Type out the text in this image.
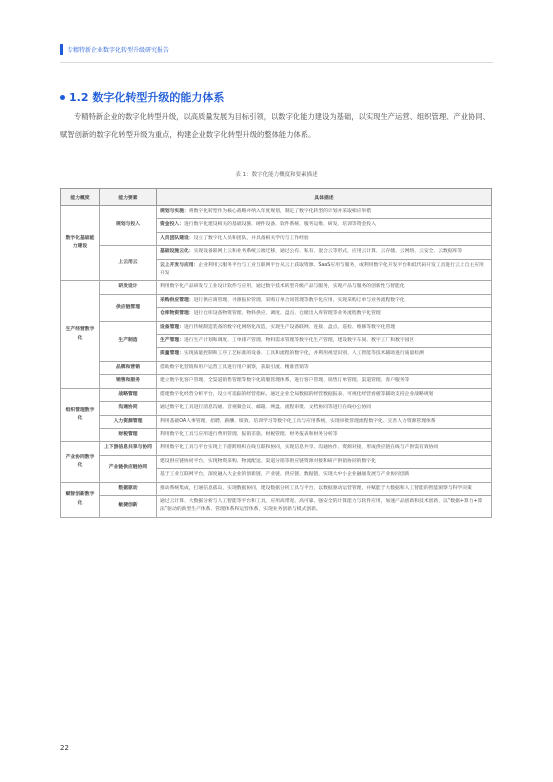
专精特新企业数字化转型升级研究报告
1.2 数字化转型升级的能力体系
专精特新企业的数字化转型升级，以高质量发展为目标引领，以数字化能力建设为基础，以实现生产运营、组织管理、产业协同、赋智创新的数字化转型升级为重点，构建企业数字化转型升级的整体能力体系。
表 1：数字化能力概度和要素描述
能力概度	能力要素	具体描述
数字化基础能力建设	规划与投入	规划与实施：将数字化转型作为核心战略并纳入年度规划，制定了数字化转型的计划并采取相应举措
		资金投入：进行数字化建设相关的基础设施、硬件设备、软件系统、服务运维、研发、培训等资金投入
		人员团队建设：设立了数字化人员和团队，并具备相关学历与工作经验
	上云用云	基础设施云化：实现设备联网上云和业务系统云端迁移，通过公有、私有、混合云等形式，应用云计算、云存储、云网络、云安全、云数据库等
		云上开发与应用：企业利用云服务平台与工业互联网平台从云上获取资源、SaaS应用与服务，或利用数字化开发平台和低代码开发工具进行云上自主应用开发
生产经营数字化	研发设计	利用数字化产品研发与工业设计软件与应用，通过数字技术转型升级产品与服务，实现产品与服务的创新性与智能化
	供应链管理	采购供应管理：进行供应商管理、寻源报价管理、采购订单合同管理等数字化应用，实现采购订单与业务流程数字化
		仓库物资管理：进行仓库设备物资管理、物料供应、调度、盘点、仓储出入库管理等业务流程数字化管理
	生产制造	设备管理：进行传统制造装备的数字化网络化改造，实现生产设备联网、连接、盘点、巡检、维修等数字化管理
		生产管理：进行生产计划和调度、工单排产管理、物料需求管理等数字化生产管理，建设数字车间、数字工厂和数字园区
		质量管理：实现质量控制和工序工艺标准的设备、工具和流程的数字化，并利用视觉识别、人工智能等技术辅助进行质量检测
	品牌和营销	借助数字化营销和用户运营工具进行用户洞察，获取引流、精准营销等
	销售和服务	建立数字化客户管理、全渠道销售管理等数字化销服管理体系，进行客户管理、销售订单管理、渠道管理、客户服务等
组织管理数字化	战略管理	搭建数字化经营分析平台，设立可追踪的经营指标，通过企业全局数据的经营数据报表、可视化经营看板等辅助支持企业战略规划
	沟通协同	通过数字化工具进行消息沟通、音视频会议、邮箱、网盘、流程审批、文档协同等进行在线办公协同
	人力资源管理	利用基础OA人事管理、招聘、薪酬、绩效、培训学习等数字化工具与应用系统，实现审批管理流程数字化、完善人力资源管理体系
	财税管理	利用数字化工具与应用进行费用管理、报销差旅、财税管理、财务报表和财务分析等
产业协同数字化	上下游信息共享与协同	利用数字化工具与平台实现上下游跨组织在线互联和协同，实现信息共享、沟通协作、资源对接，形成供应链在线与产供需有效协同
	产业链供应链协同	建设供应链协同平台，实现物资采购、物流配送、渠道分销等供应链资源对接和研产供销协同的数字化
		基于工业互联网平台，深度融入大企业的创新链、产业链、供应链、数据链，实现大中小企业融通发展与产业协同创新
赋智创新数字化	数据驱动	推动系统集成，打通信息孤岛，实现数据协同，建设数据分析工具与平台，以数据驱动运营管理，并赋能于大数据和人工智能的智能洞察与科学决策
	敏捷创新	通过云计算、大数据分析与人工智能等平台和工具，应用高带宽、高可靠、强安全的计算能力与软件应用，加速产品创新和技术创新，以“数据+算力+算法”驱动的新型生产体系、管理体系和运营体系，实现业务创新与模式创新。
22
